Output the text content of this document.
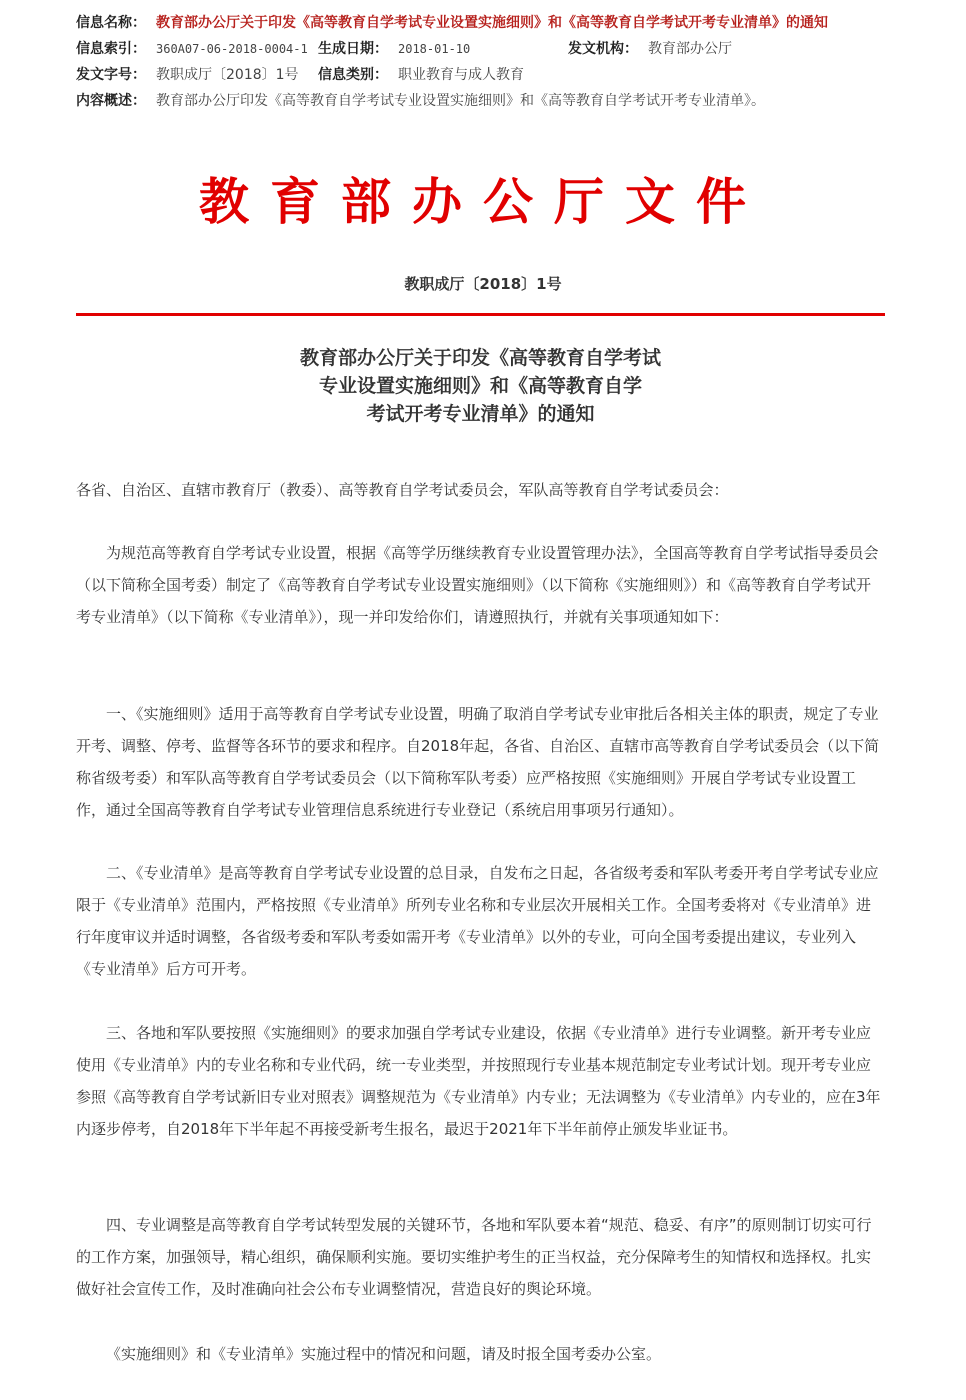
信息名称： 教育部办公厅关于印发《高等教育自学考试专业设置实施细则》和《高等教育自学考试开考专业清单》的通知
信息索引： 360A07-06-2018-0004-1 生成日期： 2018-01-10	发文机构： 教育部办公厅
发文字号： 教职成厅〔2018〕1号 信息类别： 职业教育与成人教育
内容概述： 教育部办公厅印发《高等教育自学考试专业设置实施细则》和《高等教育自学考试开考专业清单》。
教育部办公厅文件
教职成厅〔2018〕1号
教育部办公厅关于印发《高等教育自学考试
专业设置实施细则》和《高等教育自学
考试开考专业清单》的通知

各省、自治区、直辖市教育厅（教委）、高等教育自学考试委员会，军队高等教育自学考试委员会：

为规范高等教育自学考试专业设置，根据《高等学历继续教育专业设置管理办法》，全国高等教育自学考试指导委员会（以下简称全国考委）制定了《高等教育自学考试专业设置实施细则》（以下简称《实施细则》）和《高等教育自学考试开考专业清单》（以下简称《专业清单》），现一并印发给你们，请遵照执行，并就有关事项通知如下：

一、《实施细则》适用于高等教育自学考试专业设置，明确了取消自学考试专业审批后各相关主体的职责，规定了专业开考、调整、停考、监督等各环节的要求和程序。自2018年起，各省、自治区、直辖市高等教育自学考试委员会（以下简称省级考委）和军队高等教育自学考试委员会（以下简称军队考委）应严格按照《实施细则》开展自学考试专业设置工作，通过全国高等教育自学考试专业管理信息系统进行专业登记（系统启用事项另行通知）。

二、《专业清单》是高等教育自学考试专业设置的总目录，自发布之日起，各省级考委和军队考委开考自学考试专业应限于《专业清单》范围内，严格按照《专业清单》所列专业名称和专业层次开展相关工作。全国考委将对《专业清单》进行年度审议并适时调整，各省级考委和军队考委如需开考《专业清单》以外的专业，可向全国考委提出建议，专业列入《专业清单》后方可开考。

三、各地和军队要按照《实施细则》的要求加强自学考试专业建设，依据《专业清单》进行专业调整。新开考专业应使用《专业清单》内的专业名称和专业代码，统一专业类型，并按照现行专业基本规范制定专业考试计划。现开考专业应参照《高等教育自学考试新旧专业对照表》调整规范为《专业清单》内专业；无法调整为《专业清单》内专业的，应在3年内逐步停考，自2018年下半年起不再接受新考生报名，最迟于2021年下半年前停止颁发毕业证书。

四、专业调整是高等教育自学考试转型发展的关键环节，各地和军队要本着“规范、稳妥、有序”的原则制订切实可行的工作方案，加强领导，精心组织，确保顺利实施。要切实维护考生的正当权益，充分保障考生的知情权和选择权。扎实做好社会宣传工作，及时准确向社会公布专业调整情况，营造良好的舆论环境。

《实施细则》和《专业清单》实施过程中的情况和问题，请及时报全国考委办公室。
